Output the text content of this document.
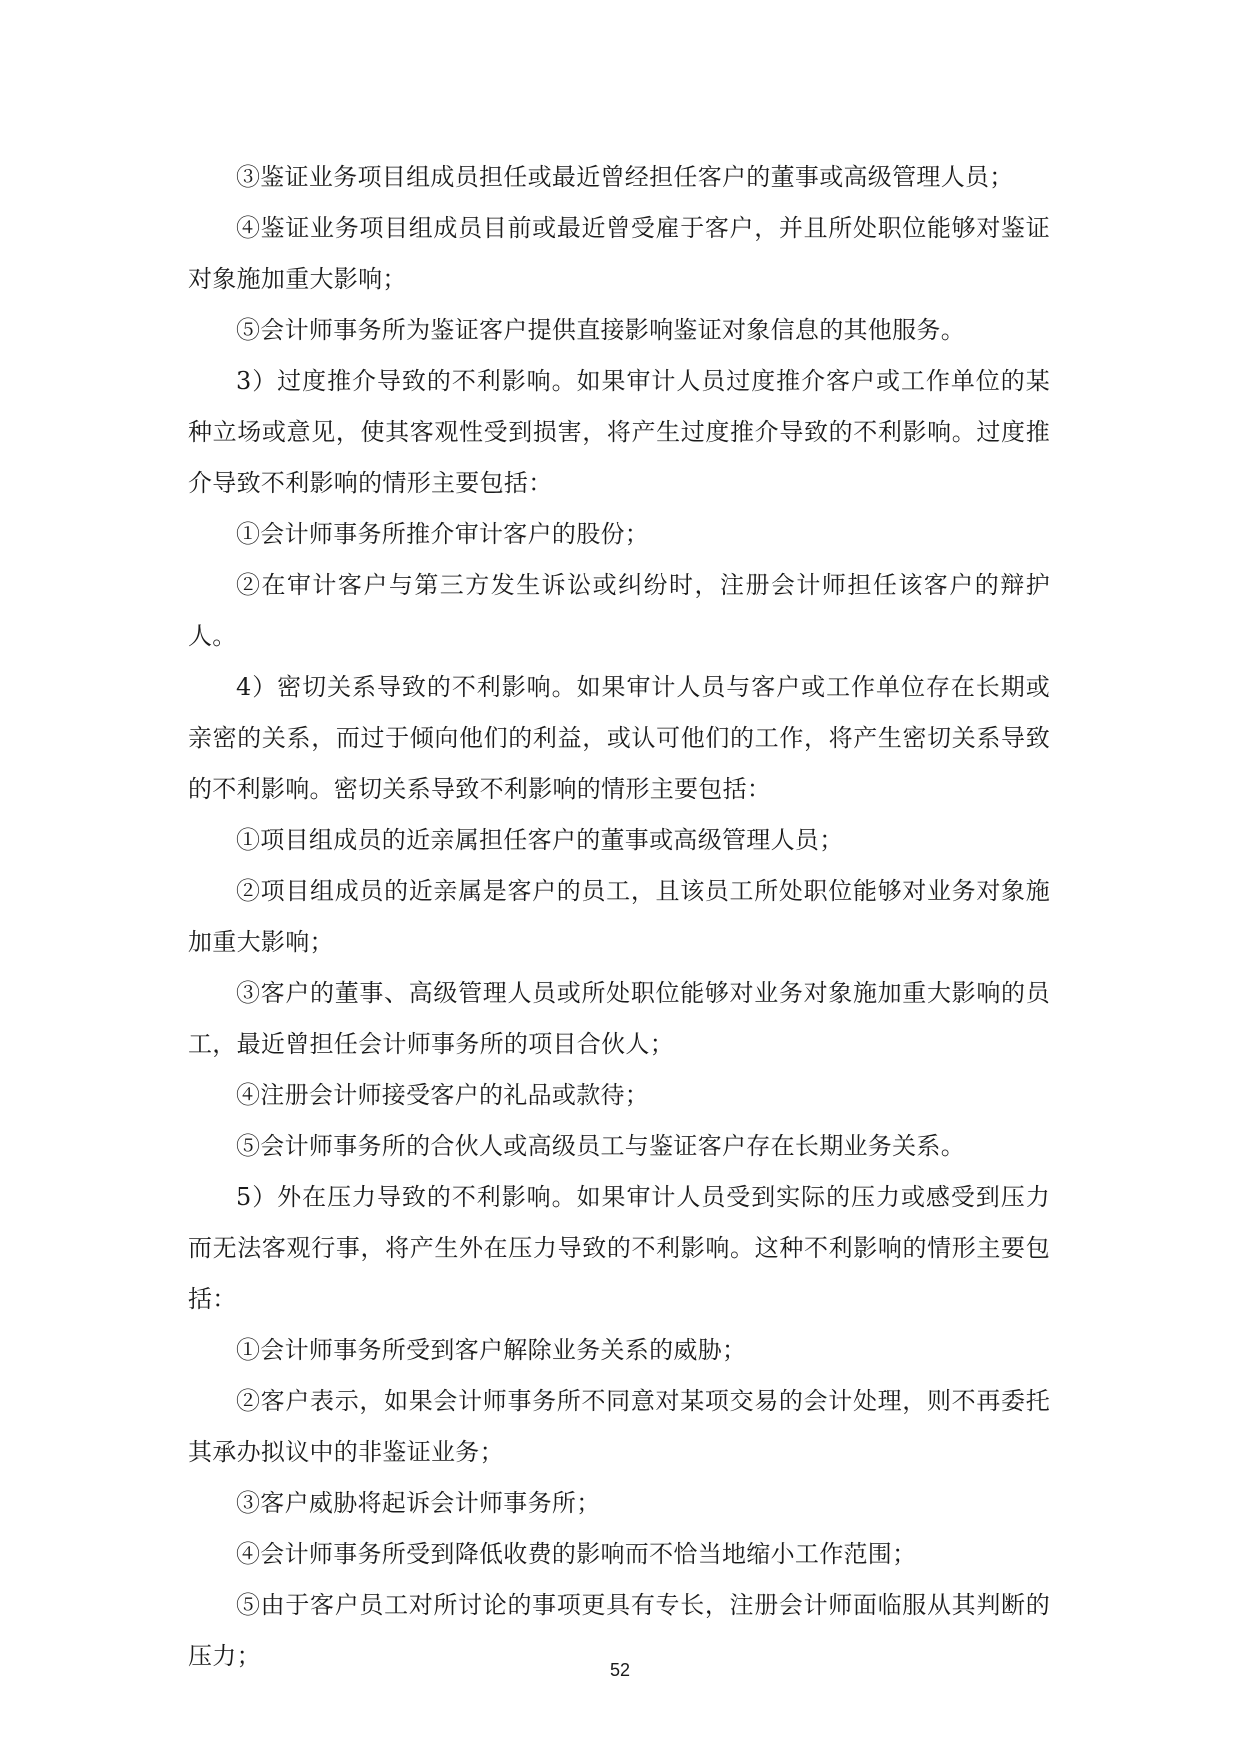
③鉴证业务项目组成员担任或最近曾经担任客户的董事或高级管理人员；

④鉴证业务项目组成员目前或最近曾受雇于客户，并且所处职位能够对鉴证对象施加重大影响；

⑤会计师事务所为鉴证客户提供直接影响鉴证对象信息的其他服务。

3）过度推介导致的不利影响。如果审计人员过度推介客户或工作单位的某种立场或意见，使其客观性受到损害，将产生过度推介导致的不利影响。过度推介导致不利影响的情形主要包括：

①会计师事务所推介审计客户的股份；

②在审计客户与第三方发生诉讼或纠纷时，注册会计师担任该客户的辩护人。

4）密切关系导致的不利影响。如果审计人员与客户或工作单位存在长期或亲密的关系，而过于倾向他们的利益，或认可他们的工作，将产生密切关系导致的不利影响。密切关系导致不利影响的情形主要包括：

①项目组成员的近亲属担任客户的董事或高级管理人员；

②项目组成员的近亲属是客户的员工，且该员工所处职位能够对业务对象施加重大影响；

③客户的董事、高级管理人员或所处职位能够对业务对象施加重大影响的员工，最近曾担任会计师事务所的项目合伙人；

④注册会计师接受客户的礼品或款待；

⑤会计师事务所的合伙人或高级员工与鉴证客户存在长期业务关系。

5）外在压力导致的不利影响。如果审计人员受到实际的压力或感受到压力而无法客观行事，将产生外在压力导致的不利影响。这种不利影响的情形主要包括：

①会计师事务所受到客户解除业务关系的威胁；

②客户表示，如果会计师事务所不同意对某项交易的会计处理，则不再委托其承办拟议中的非鉴证业务；

③客户威胁将起诉会计师事务所；

④会计师事务所受到降低收费的影响而不恰当地缩小工作范围；

⑤由于客户员工对所讨论的事项更具有专长，注册会计师面临服从其判断的压力；	52
